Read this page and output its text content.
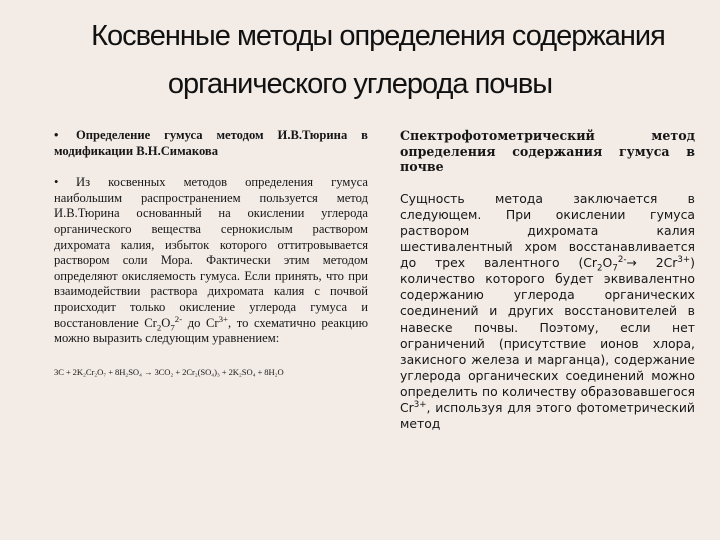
Косвенные методы определения содержания
органического углерода почвы

• Определение гумуса методом И.В.Тюрина в модификации В.Н.Симакова

• Из косвенных методов определения гумуса наибольшим распространением пользуется метод И.В.Тюрина основанный на окислении углерода органического вещества сернокислым раствором дихромата калия, избыток которого оттитровывается раствором соли Мора. Фактически этим методом определяют окисляемость гумуса. Если принять, что при взаимодействии раствора дихромата калия с почвой происходит только окисление углерода гумуса и восстановление $Cr_2O_7^{2-}$ до $Cr^{3+}$, то схематично реакцию можно выразить следующим уравнением:

3C + 2K₂Cr₂O₇ + 8H₂SO₄ → 3CO₂ + 2Cr₂(SO₄)₃ + 2K₂SO₄ + 8H₂O

Спектрофотометрический метод определения содержания гумуса в почве

Сущность метода заключается в следующем. При окислении гумуса раствором дихромата калия шестивалентный хром восстанавливается до трех валентного $(Cr_2O_7^{2-}\to 2Cr^{3+})$ количество которого будет эквивалентно содержанию углерода органических соединений и других восстановителей в навеске почвы. Поэтому, если нет ограничений (присутствие ионов хлора, закисного железа и марганца), содержание углерода органических соединений можно определить по количеству образовавшегося $Cr^{3+}$, используя для этого фотометрический метод
